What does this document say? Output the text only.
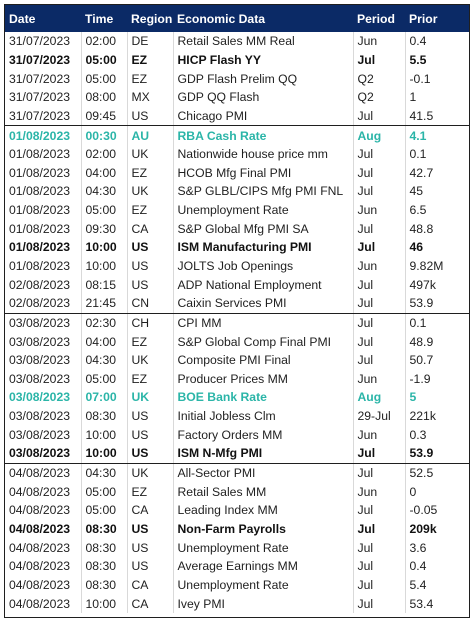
Date	Time	Region	Economic Data	Period	Prior
31/07/2023	02:00	DE	Retail Sales MM Real	Jun	0.4
31/07/2023	05:00	EZ	HICP Flash YY	Jul	5.5
31/07/2023	05:00	EZ	GDP Flash Prelim QQ	Q2	-0.1
31/07/2023	08:00	MX	GDP QQ Flash	Q2	1
31/07/2023	09:45	US	Chicago PMI	Jul	41.5
01/08/2023	00:30	AU	RBA Cash Rate	Aug	4.1
01/08/2023	02:00	UK	Nationwide house price mm	Jul	0.1
01/08/2023	04:00	EZ	HCOB Mfg Final PMI	Jul	42.7
01/08/2023	04:30	UK	S&P GLBL/CIPS Mfg PMI FNL	Jul	45
01/08/2023	05:00	EZ	Unemployment Rate	Jun	6.5
01/08/2023	09:30	CA	S&P Global Mfg PMI SA	Jul	48.8
01/08/2023	10:00	US	ISM Manufacturing PMI	Jul	46
01/08/2023	10:00	US	JOLTS Job Openings	Jun	9.82M
02/08/2023	08:15	US	ADP National Employment	Jul	497k
02/08/2023	21:45	CN	Caixin Services PMI	Jul	53.9
03/08/2023	02:30	CH	CPI MM	Jul	0.1
03/08/2023	04:00	EZ	S&P Global Comp Final PMI	Jul	48.9
03/08/2023	04:30	UK	Composite PMI Final	Jul	50.7
03/08/2023	05:00	EZ	Producer Prices MM	Jun	-1.9
03/08/2023	07:00	UK	BOE Bank Rate	Aug	5
03/08/2023	08:30	US	Initial Jobless Clm	29-Jul	221k
03/08/2023	10:00	US	Factory Orders MM	Jun	0.3
03/08/2023	10:00	US	ISM N-Mfg PMI	Jul	53.9
04/08/2023	04:30	UK	All-Sector PMI	Jul	52.5
04/08/2023	05:00	EZ	Retail Sales MM	Jun	0
04/08/2023	05:00	CA	Leading Index MM	Jul	-0.05
04/08/2023	08:30	US	Non-Farm Payrolls	Jul	209k
04/08/2023	08:30	US	Unemployment Rate	Jul	3.6
04/08/2023	08:30	US	Average Earnings MM	Jul	0.4
04/08/2023	08:30	CA	Unemployment Rate	Jul	5.4
04/08/2023	10:00	CA	Ivey PMI	Jul	53.4
